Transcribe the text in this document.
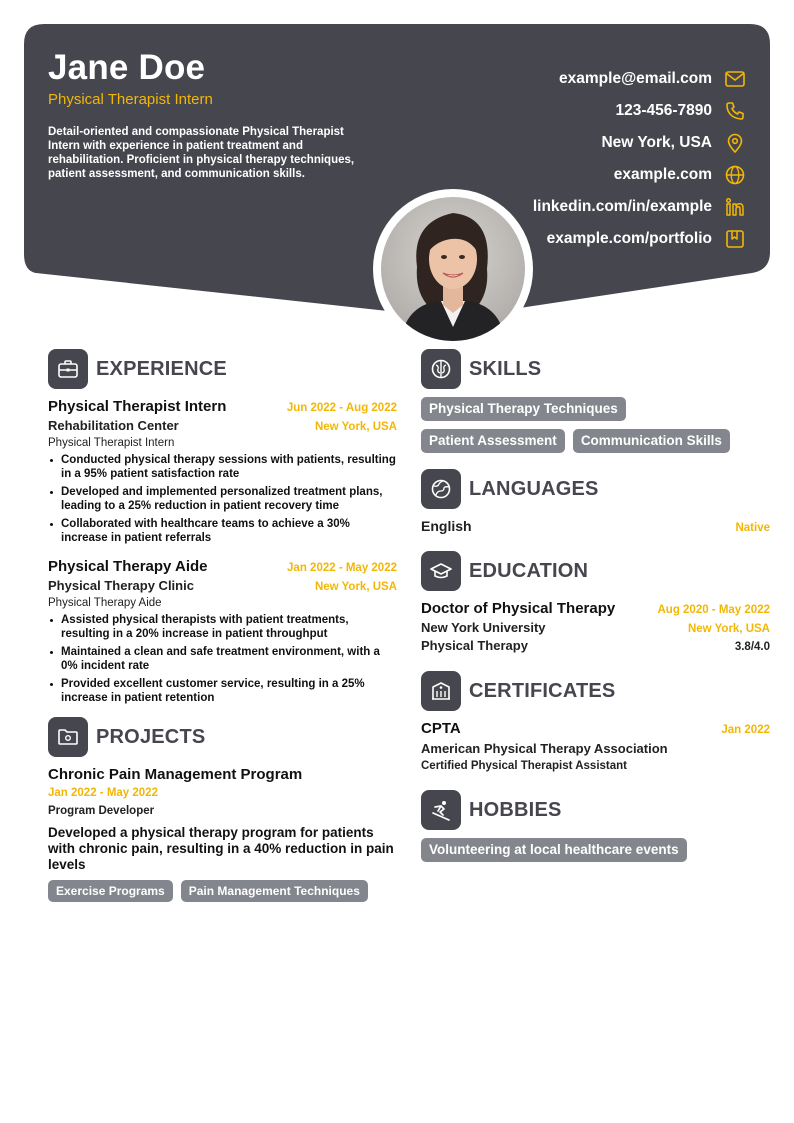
Jane Doe
Physical Therapist Intern
Detail-oriented and compassionate Physical Therapist Intern with experience in patient treatment and rehabilitation. Proficient in physical therapy techniques, patient assessment, and communication skills.
example@email.com
123-456-7890
New York, USA
example.com
linkedin.com/in/example
example.com/portfolio
EXPERIENCE
Physical Therapist Intern	Jun 2022 - Aug 2022
Rehabilitation Center	New York, USA
Physical Therapist Intern
Conducted physical therapy sessions with patients, resulting in a 95% patient satisfaction rate
Developed and implemented personalized treatment plans, leading to a 25% reduction in patient recovery time
Collaborated with healthcare teams to achieve a 30% increase in patient referrals
Physical Therapy Aide	Jan 2022 - May 2022
Physical Therapy Clinic	New York, USA
Physical Therapy Aide
Assisted physical therapists with patient treatments, resulting in a 20% increase in patient throughput
Maintained a clean and safe treatment environment, with a 0% incident rate
Provided excellent customer service, resulting in a 25% increase in patient retention
PROJECTS
Chronic Pain Management Program
Jan 2022 - May 2022
Program Developer
Developed a physical therapy program for patients with chronic pain, resulting in a 40% reduction in pain levels
Exercise Programs	Pain Management Techniques
SKILLS
Physical Therapy Techniques
Patient Assessment	Communication Skills
LANGUAGES
English	Native
EDUCATION
Doctor of Physical Therapy	Aug 2020 - May 2022
New York University	New York, USA
Physical Therapy	3.8/4.0
CERTIFICATES
CPTA	Jan 2022
American Physical Therapy Association
Certified Physical Therapist Assistant
HOBBIES
Volunteering at local healthcare events
